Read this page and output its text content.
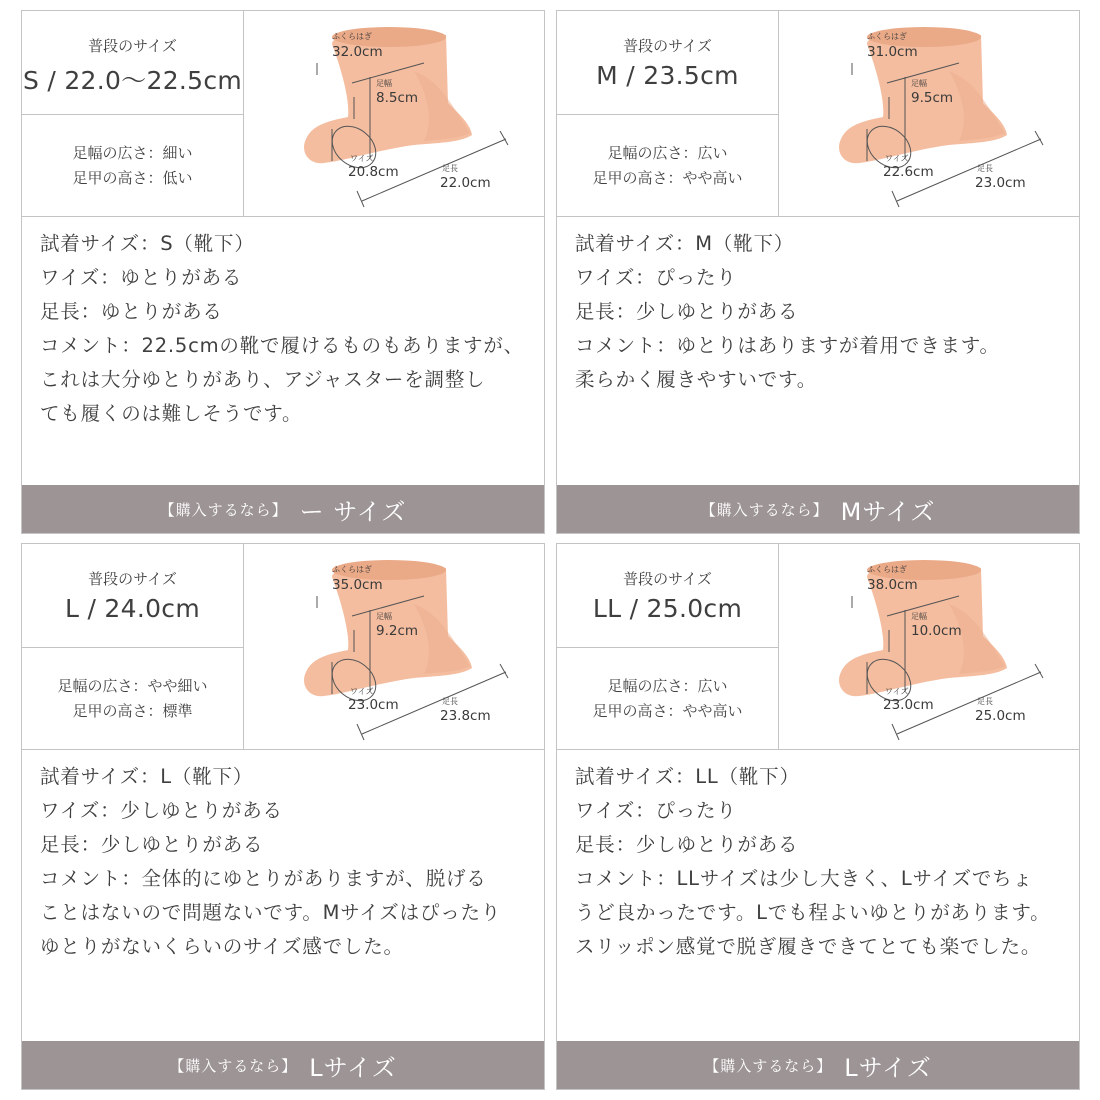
普段のサイズ
S / 22.0〜22.5cm
足幅の広さ：細い
足甲の高さ：低い
ふくらはぎ
32.0cm
足幅
8.5cm
ワイズ
20.8cm	足長
22.0cm
試着サイズ：S（靴下）
ワイズ：ゆとりがある
足長：ゆとりがある
コメント：22.5cmの靴で履けるものもありますが、
これは大分ゆとりがあり、アジャスターを調整し
ても履くのは難しそうです。
【購入するなら】 ー サイズ
普段のサイズ
M / 23.5cm
足幅の広さ：広い
足甲の高さ：やや高い
ふくらはぎ
31.0cm
足幅
9.5cm
ワイズ
22.6cm	足長
23.0cm
試着サイズ：M（靴下）
ワイズ：ぴったり
足長：少しゆとりがある
コメント：ゆとりはありますが着用できます。
柔らかく履きやすいです。
【購入するなら】 Mサイズ
普段のサイズ
L / 24.0cm
足幅の広さ：やや細い
足甲の高さ：標準
ふくらはぎ
35.0cm
足幅
9.2cm
ワイズ
23.0cm	足長
23.8cm
試着サイズ：L（靴下）
ワイズ：少しゆとりがある
足長：少しゆとりがある
コメント：全体的にゆとりがありますが、脱げる
ことはないので問題ないです。Mサイズはぴったり
ゆとりがないくらいのサイズ感でした。
【購入するなら】 Lサイズ
普段のサイズ
LL / 25.0cm
足幅の広さ：広い
足甲の高さ：やや高い
ふくらはぎ
38.0cm
足幅
10.0cm
ワイズ
23.0cm	足長
25.0cm
試着サイズ：LL（靴下）
ワイズ：ぴったり
足長：少しゆとりがある
コメント：LLサイズは少し大きく、Lサイズでちょ
うど良かったです。Lでも程よいゆとりがあります。
スリッポン感覚で脱ぎ履きできてとても楽でした。
【購入するなら】 Lサイズ
